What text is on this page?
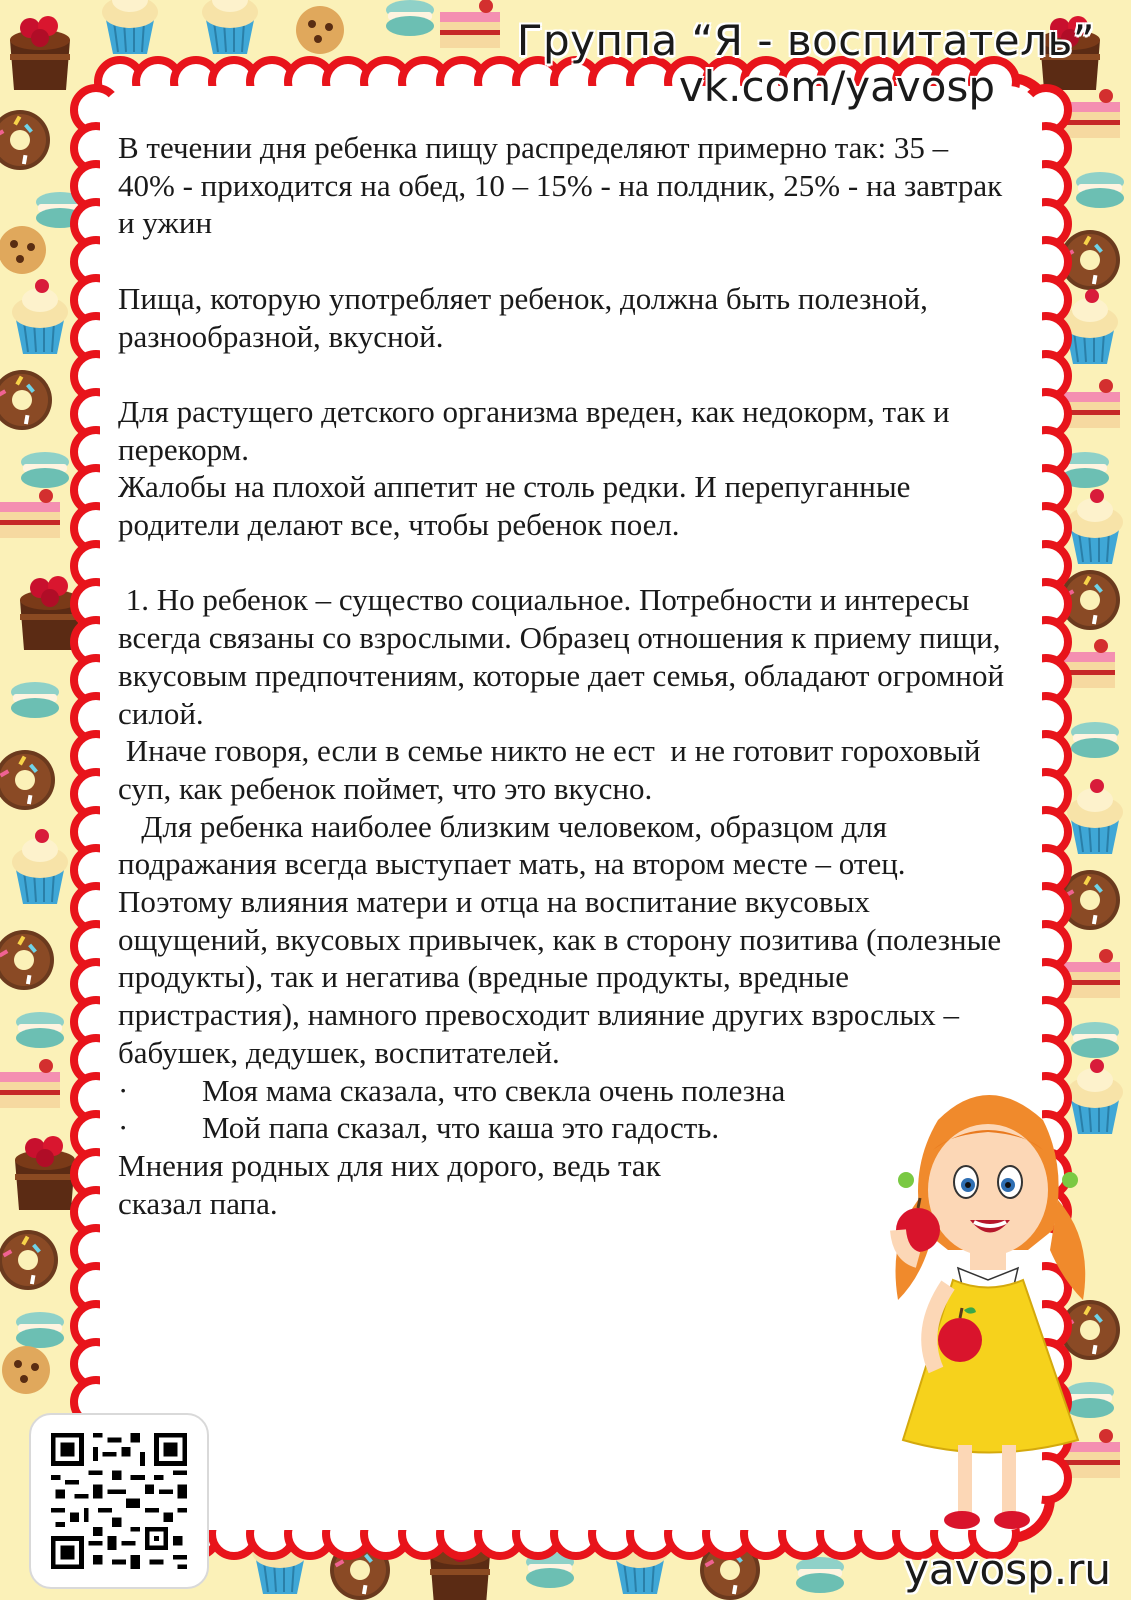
Группа “Я - воспитатель”
vk.com/yavosp

В течении дня ребенка пищу распределяют примерно так: 35 – 40% - приходится на обед, 10 – 15% - на полдник, 25% - на завтрак и ужин

Пища, которую употребляет ребенок, должна быть полезной, разнообразной, вкусной.

Для растущего детского организма вреден, как недокорм, так и перекорм.

Жалобы на плохой аппетит не столь редки. И перепуганные родители делают все, чтобы ребенок поел.

1. Но ребенок – существо социальное. Потребности и интересы всегда связаны со взрослыми. Образец отношения к приему пищи, вкусовым предпочтениям, которые дает семья, обладают огромной силой.

Иначе говоря, если в семье никто не ест  и не готовит гороховый суп, как ребенок поймет, что это вкусно.

Для ребенка наиболее близким человеком, образцом для подражания всегда выступает мать, на втором месте – отец. Поэтому влияния матери и отца на воспитание вкусовых ощущений, вкусовых привычек, как в сторону позитива (полезные продукты), так и негатива (вредные продукты, вредные пристрастия), намного превосходит влияние других взрослых – бабушек, дедушек, воспитателей.

·	Моя мама сказала, что свекла очень полезна
·	Мой папа сказал, что каша это гадость.

Мнения родных для них дорого, ведь так
сказал папа.

yavosp.ru
